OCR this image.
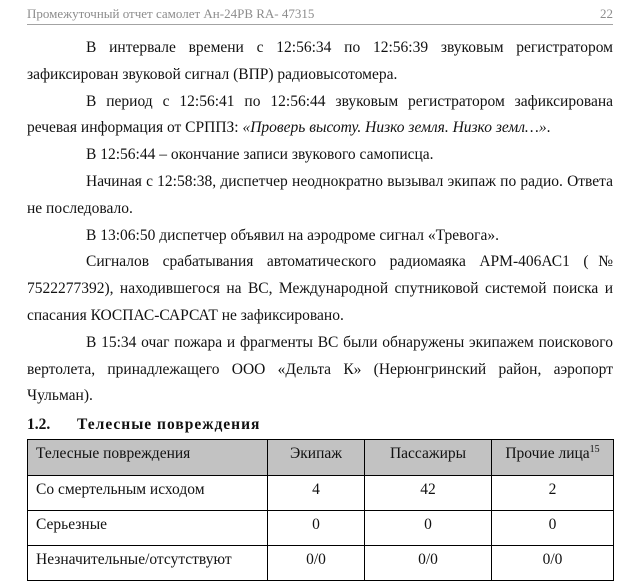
Промежуточный отчет самолет Ан-24РВ RA- 47315	22

В интервале времени с 12:56:34 по 12:56:39 звуковым регистратором зафиксирован звуковой сигнал (ВПР) радиовысотомера.

В период с 12:56:41 по 12:56:44 звуковым регистратором зафиксирована речевая информация от СРППЗ: «Проверь высоту. Низко земля. Низко земл…».

В 12:56:44 – окончание записи звукового самописца.

Начиная с 12:58:38, диспетчер неоднократно вызывал экипаж по радио. Ответа не последовало.

В 13:06:50 диспетчер объявил на аэродроме сигнал «Тревога».

Сигналов срабатывания автоматического радиомаяка АРМ-406АС1 (№ 7522277392), находившегося на ВС, Международной спутниковой системой поиска и спасания КОСПАС-САРСАТ не зафиксировано.

В 15:34 очаг пожара и фрагменты ВС были обнаружены экипажем поискового вертолета, принадлежащего ООО «Дельта К» (Нерюнгринский район, аэропорт Чульман).

1.2.	Телесные повреждения
Телесные повреждения	Экипаж	Пассажиры	Прочие лица$^{15}$
Со смертельным исходом	4	42	2
Серьезные	0	0	0
Незначительные/отсутствуют	0/0	0/0	0/0
